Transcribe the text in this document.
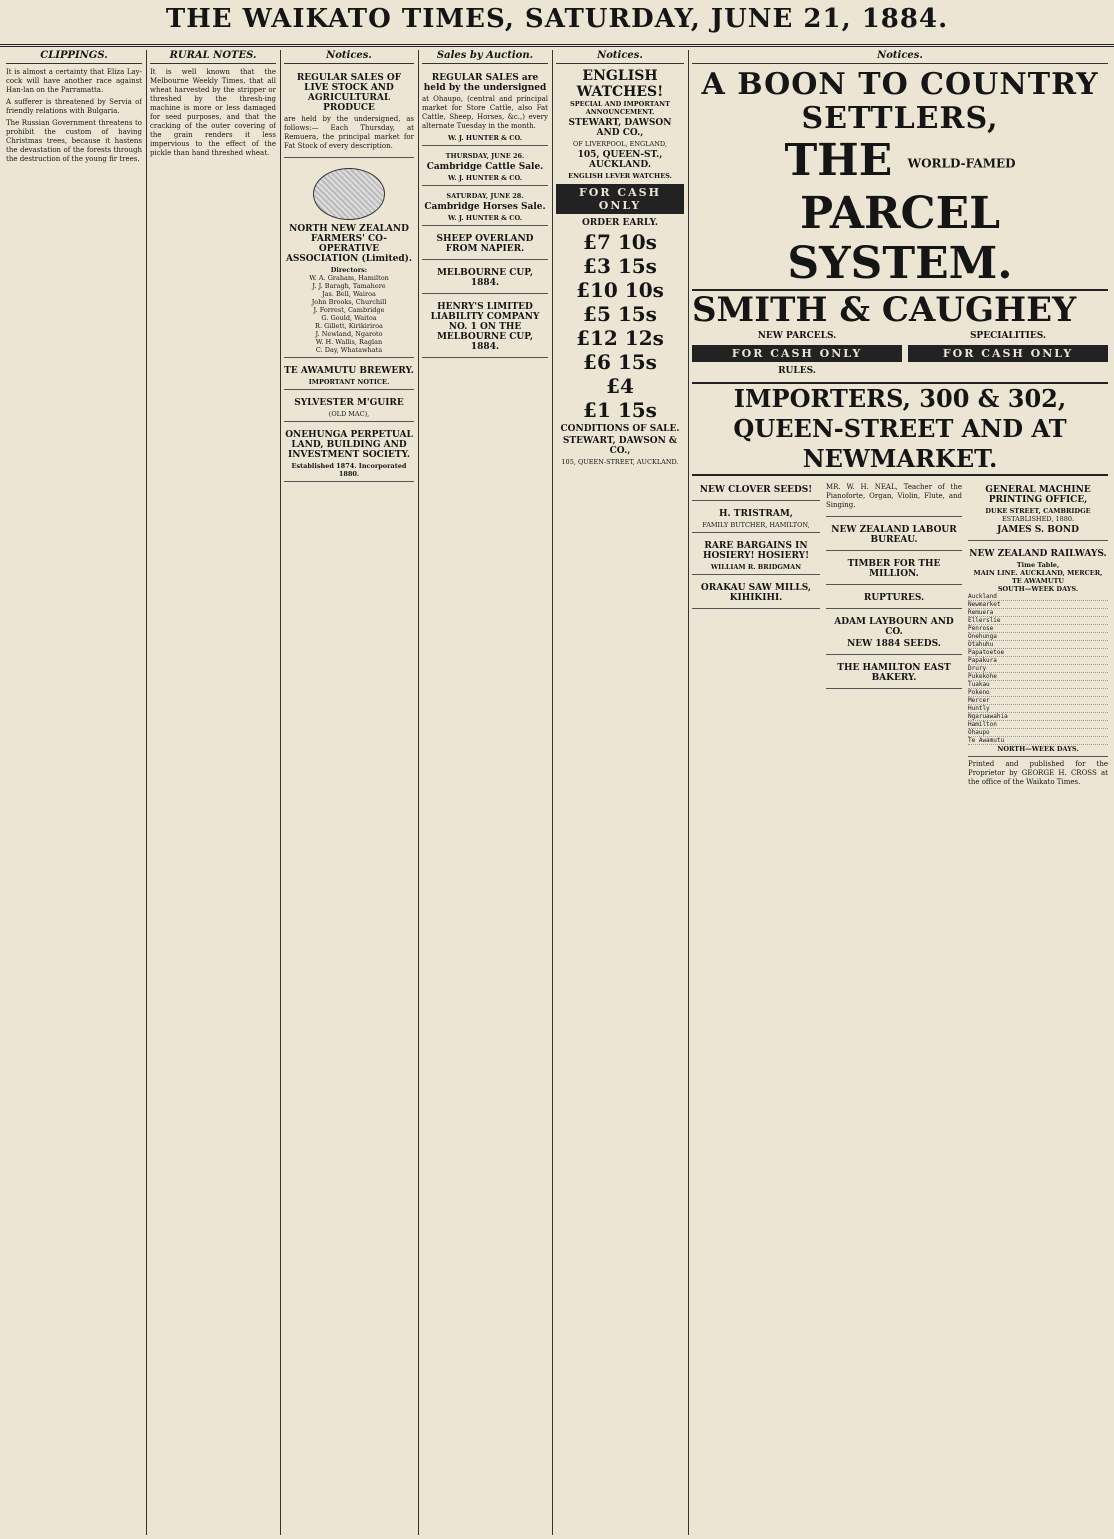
THE WAIKATO TIMES, SATURDAY, JUNE 21, 1884.
CLIPPINGS.

It is almost a certainty that Eliza Lay-cock will have another race against Han-lan on the Parramatta.

A sufferer is threatened by Servia of friendly relations with Bulgaria.

The Russian Government threatens to prohibit the custom of having Christmas trees, because it hastens the devastation of the forests through the destruction of the young fir trees.

RURAL NOTES.

It is well known that the Melbourne Weekly Times, that all wheat harvested by the stripper or threshed by the thresh-ing machine is more or less damaged for seed purposes, and that the cracking of the outer covering of the grain renders it less impervious to the effect of the pickle than hand threshed wheat.

Notices.
REGULAR SALES OF LIVE STOCK AND AGRICULTURAL PRODUCE

are held by the undersigned, as follows:— Each Thursday, at Remuera, the principal market for Fat Stock of every description.

NORTH NEW ZEALAND FARMERS' CO-OPERATIVE ASSOCIATION (Limited).
Directors:
W. A. Graham, Hamilton
J. J. Baragh, Tamahere
Jas. Bell, Wairoa
John Brooks, Churchill
J. Forrest, Cambridge
G. Gould, Waitoa
R. Gillett, Kirikiriroa
J. Newland, Ngaroto
W. H. Wallis, Raglan
C. Day, Whatawhata
TE AWAMUTU BREWERY.
IMPORTANT NOTICE.
SYLVESTER M'GUIRE
(OLD MAC),
ONEHUNGA PERPETUAL LAND, BUILDING AND INVESTMENT SOCIETY.
Established 1874. Incorporated 1880.
Sales by Auction.
REGULAR SALES are held by the undersigned

at Ohaupo, (central and principal market for Store Cattle, also Fat Cattle, Sheep, Horses, &c.,) every alternate Tuesday in the month.

W. J. HUNTER & CO.
THURSDAY, JUNE 26.
Cambridge Cattle Sale.
W. J. HUNTER & CO.
SATURDAY, JUNE 28.
Cambridge Horses Sale.
W. J. HUNTER & CO.
SHEEP OVERLAND FROM NAPIER.
MELBOURNE CUP, 1884.
HENRY'S LIMITED LIABILITY COMPANY NO. 1 ON THE MELBOURNE CUP, 1884.
Notices.
ENGLISH WATCHES!
SPECIAL AND IMPORTANT ANNOUNCEMENT.
STEWART, DAWSON AND CO.,
OF LIVERPOOL, ENGLAND,
105, QUEEN-ST., AUCKLAND.
ENGLISH LEVER WATCHES.
FOR CASH ONLY
ORDER EARLY.
£7 10s
£3 15s
£10 10s
£5 15s
£12 12s
£6 15s
£4
£1 15s
CONDITIONS OF SALE.
STEWART, DAWSON & CO.,
105, QUEEN-STREET, AUCKLAND.
Notices.
A BOON TO COUNTRY SETTLERS,
THE WORLD-FAMED PARCEL SYSTEM.
SMITH & CAUGHEY
NEW PARCELS.
FOR CASH ONLY
RULES.
SPECIALITIES.
FOR CASH ONLY
IMPORTERS, 300 & 302, QUEEN-STREET AND AT NEWMARKET.
NEW CLOVER SEEDS!
H. TRISTRAM,
FAMILY BUTCHER, HAMILTON,
RARE BARGAINS IN HOSIERY! HOSIERY!
WILLIAM R. BRIDGMAN
ORAKAU SAW MILLS, KIHIKIHI.

MR. W. H. NEAL, Teacher of the Pianoforte, Organ, Violin, Flute, and Singing.

NEW ZEALAND LABOUR BUREAU.
TIMBER FOR THE MILLION.
RUPTURES.
ADAM LAYBOURN AND CO.
NEW 1884 SEEDS.
THE HAMILTON EAST BAKERY.
GENERAL MACHINE PRINTING OFFICE,
DUKE STREET, CAMBRIDGE
ESTABLISHED, 1880.
JAMES S. BOND
NEW ZEALAND RAILWAYS.
Time Table,
MAIN LINE. AUCKLAND, MERCER, TE AWAMUTU
SOUTH—WEEK DAYS.
Auckland
Newmarket
Remuera
Ellerslie
Penrose
Onehunga
Otahuhu
Papatoetoe
Papakura
Drury
Pukekohe
Tuakau
Pokeno
Mercer
Huntly
Ngaruawahia
Hamilton
Ohaupo
Te Awamutu
NORTH—WEEK DAYS.

Printed and published for the Proprietor by GEORGE H. CROSS at the office of the Waikato Times.
